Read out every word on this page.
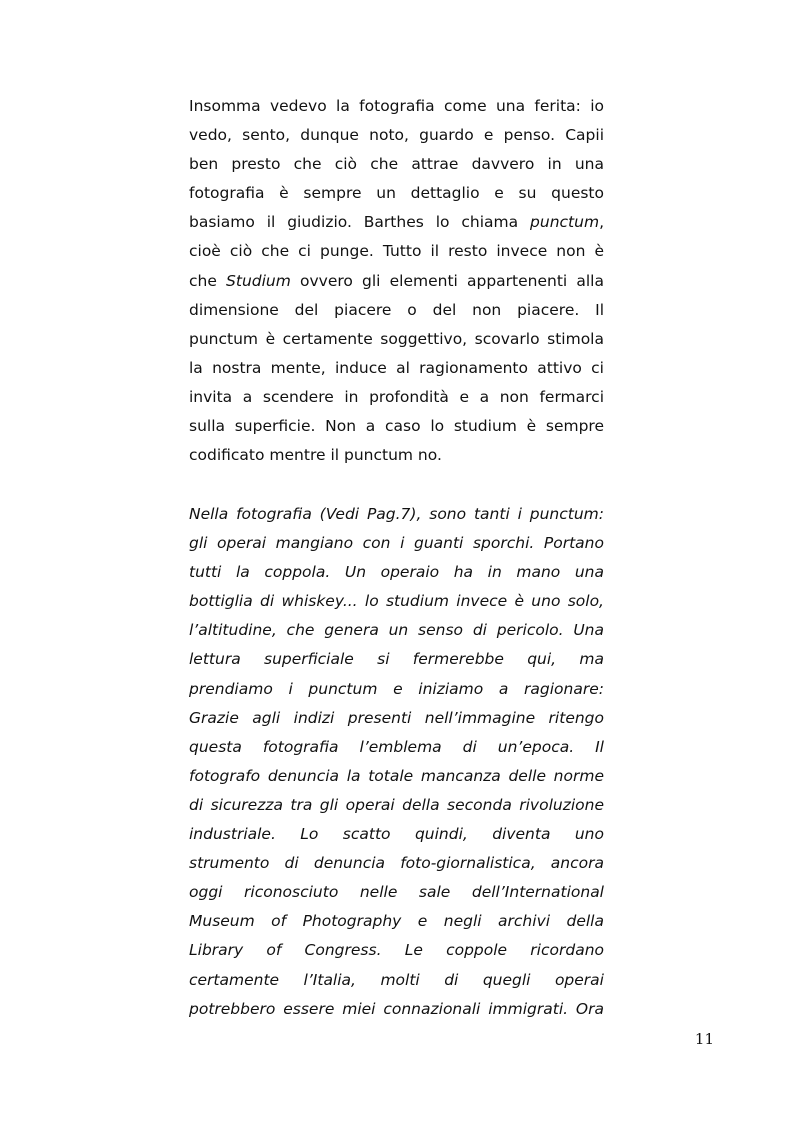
Insomma vedevo la fotografia come una ferita: io
vedo, sento, dunque noto, guardo e penso. Capii
ben presto che ciò che attrae davvero in una
fotografia è sempre un dettaglio e su questo
basiamo il giudizio. Barthes lo chiama punctum,
cioè ciò che ci punge. Tutto il resto invece non è
che Studium ovvero gli elementi appartenenti alla
dimensione del piacere o del non piacere. Il
punctum è certamente soggettivo, scovarlo stimola
la nostra mente, induce al ragionamento attivo ci
invita a scendere in profondità e a non fermarci
sulla superficie. Non a caso lo studium è sempre
codificato mentre il punctum no.
Nella fotografia (Vedi Pag.7), sono tanti i punctum:
gli operai mangiano con i guanti sporchi. Portano
tutti la coppola. Un operaio ha in mano una
bottiglia di whiskey... lo studium invece è uno solo,
l’altitudine, che genera un senso di pericolo. Una
lettura superficiale si fermerebbe qui, ma
prendiamo i punctum e iniziamo a ragionare:
Grazie agli indizi presenti nell’immagine ritengo
questa fotografia l’emblema di un’epoca. Il
fotografo denuncia la totale mancanza delle norme
di sicurezza tra gli operai della seconda rivoluzione
industriale. Lo scatto quindi, diventa uno
strumento di denuncia foto-giornalistica, ancora
oggi riconosciuto nelle sale dell’International
Museum of Photography e negli archivi della
Library of Congress. Le coppole ricordano
certamente l’Italia, molti di quegli operai
potrebbero essere miei connazionali immigrati. Ora
11
